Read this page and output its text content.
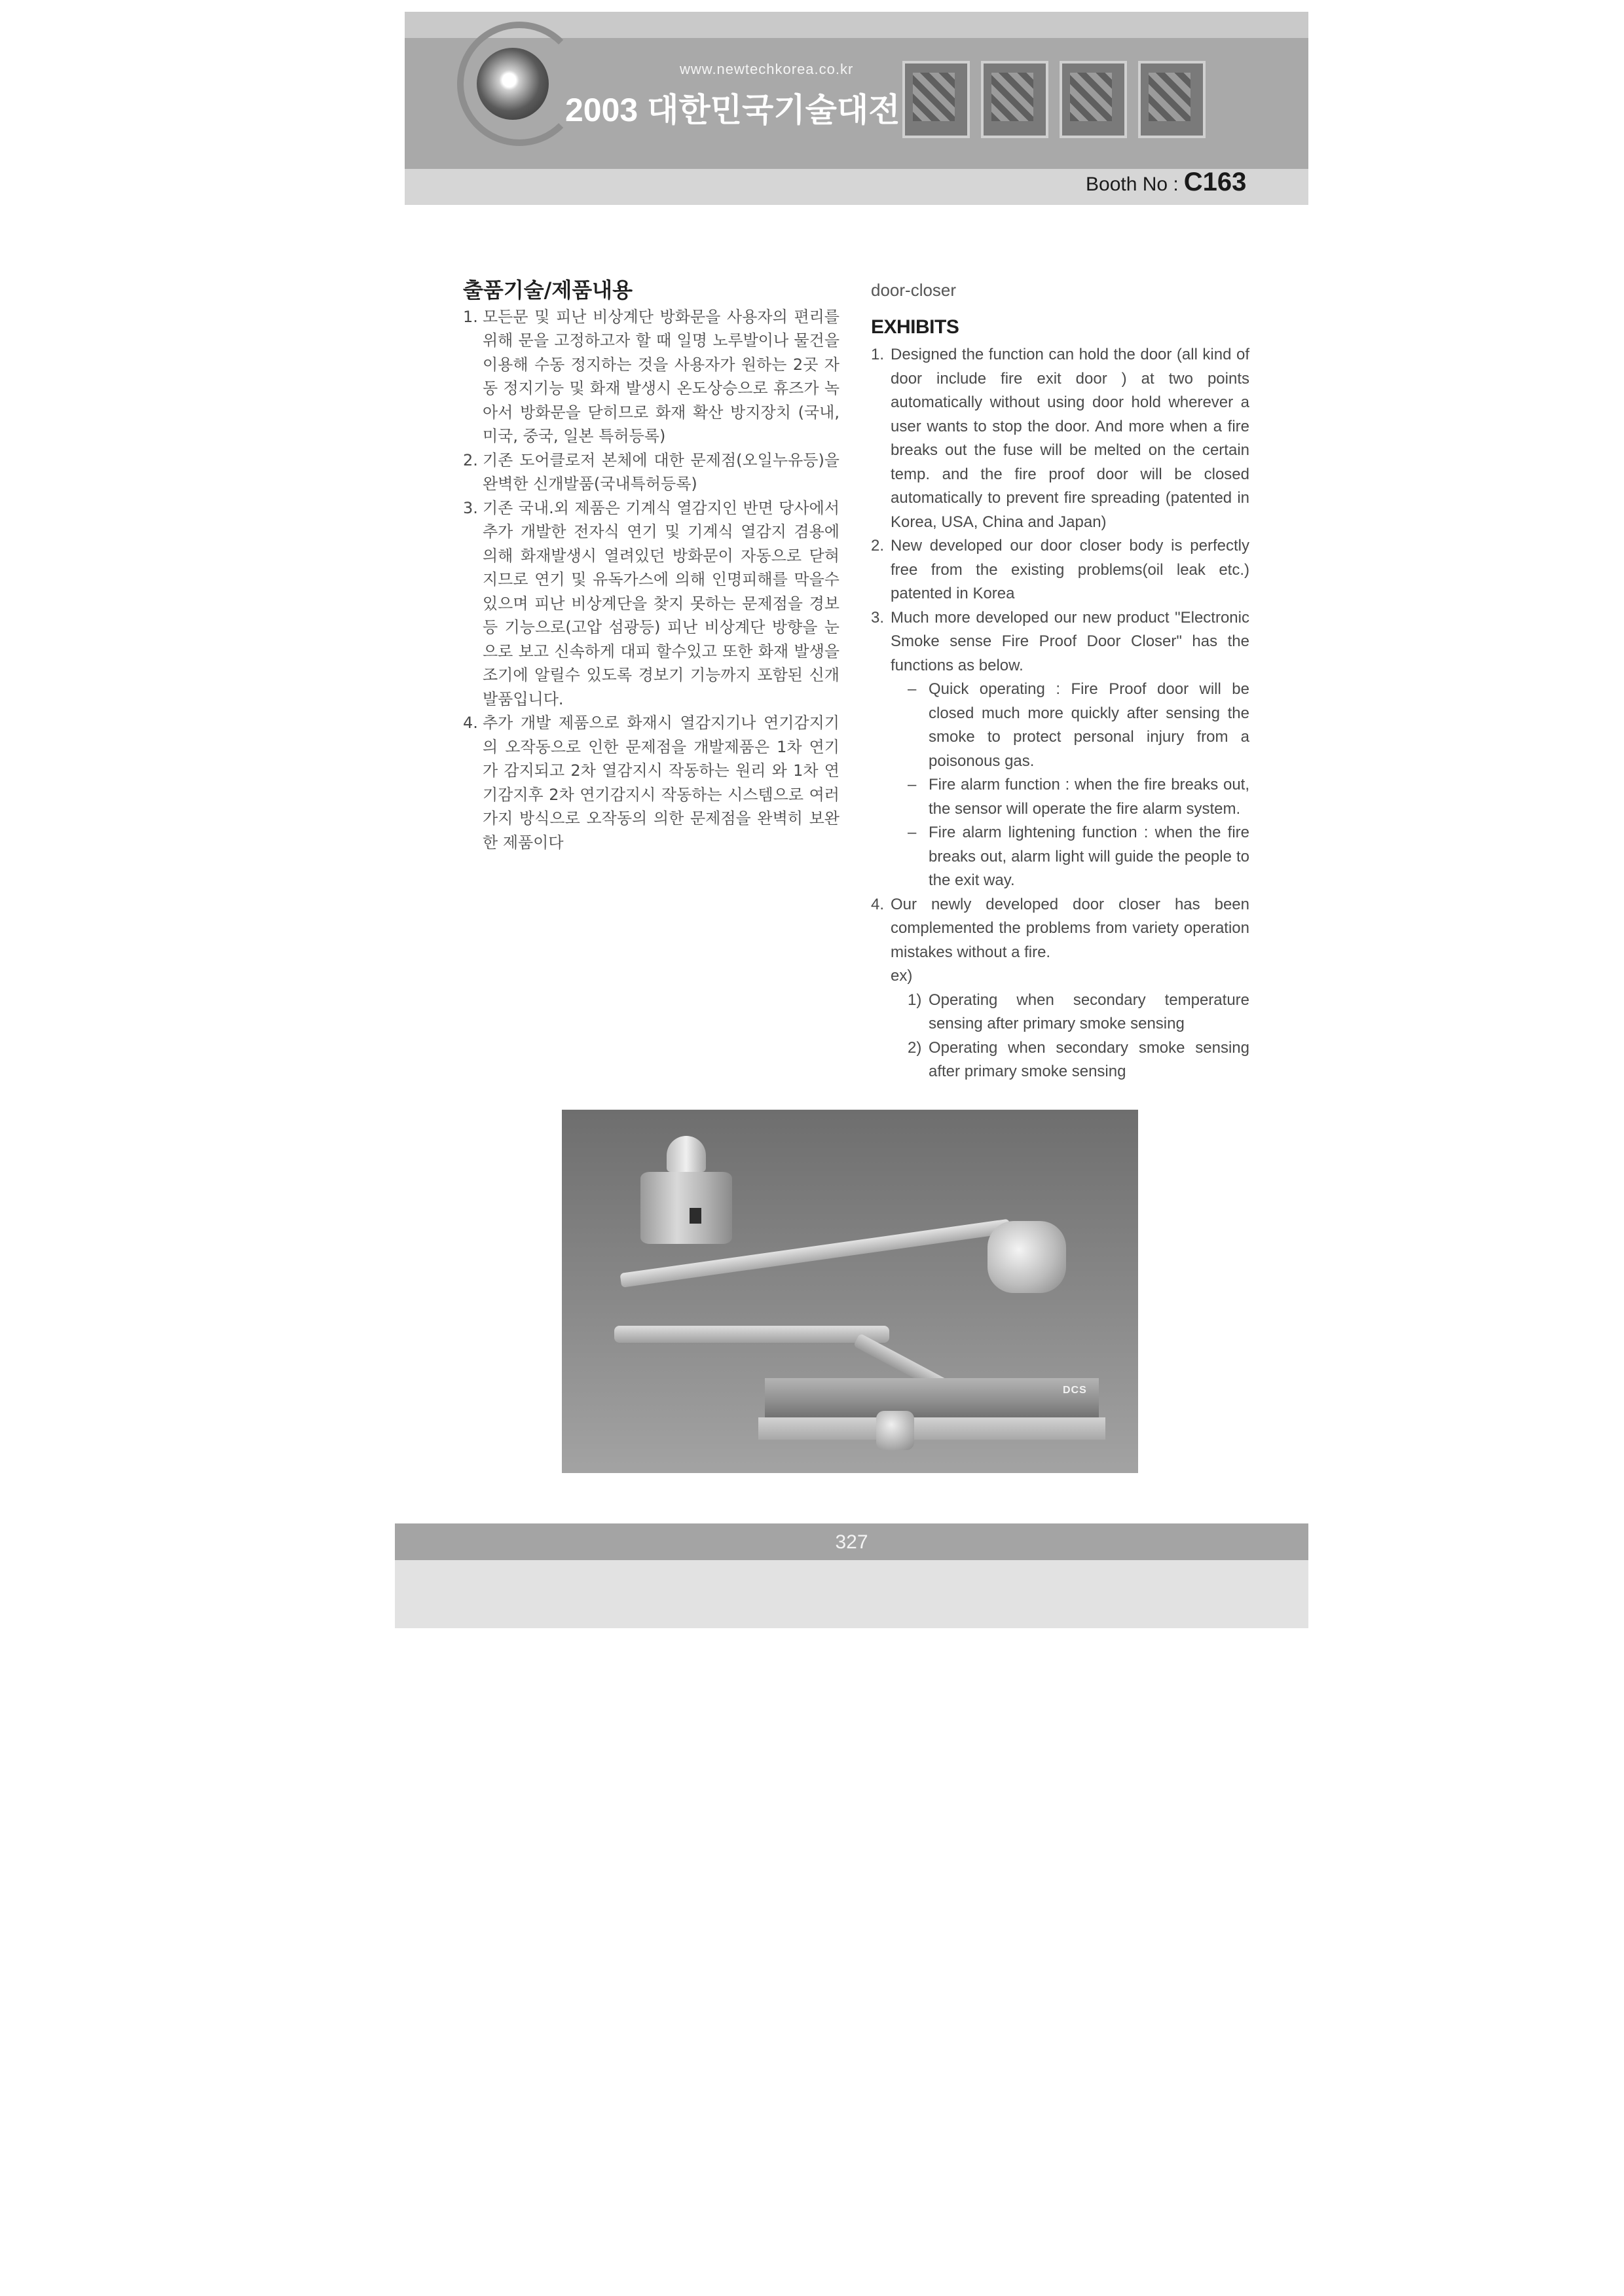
www.newtechkorea.co.kr
2003 대한민국기술대전
Booth No : C163
출품기술/제품내용
1. 모든문 및 피난 비상계단 방화문을 사용자의 편리를 위해 문을 고정하고자 할 때 일명 노루발이나 물건을 이용해 수동 정지하는 것을 사용자가 원하는 2곳 자동 정지기능 및 화재 발생시 온도상승으로 휴즈가 녹아서 방화문을 닫히므로 화재 확산 방지장치 (국내, 미국, 중국, 일본 특허등록)
2. 기존 도어클로저 본체에 대한 문제점(오일누유등)을 완벽한 신개발품(국내특허등록)
3. 기존 국내.외 제품은 기계식 열감지인 반면 당사에서 추가 개발한 전자식 연기 및 기계식 열감지 겸용에 의해 화재발생시 열려있던 방화문이 자동으로 닫혀지므로 연기 및 유독가스에 의해 인명피해를 막을수 있으며 피난 비상계단을 찾지 못하는 문제점을 경보등 기능으로(고압 섬광등) 피난 비상계단 방향을 눈으로 보고 신속하게 대피 할수있고 또한 화재 발생을 조기에 알릴수 있도록 경보기 기능까지 포함된 신개발품입니다.
4. 추가 개발 제품으로 화재시 열감지기나 연기감지기의 오작동으로 인한 문제점을 개발제품은 1차 연기가 감지되고 2차 열감지시 작동하는 원리 와 1차 연기감지후 2차 연기감지시 작동하는 시스템으로 여러가지 방식으로 오작동의 의한 문제점을 완벽히 보완한 제품이다
door-closer
EXHIBITS
1. Designed the function can hold the door (all kind of door include fire exit door ) at two points automatically without using door hold wherever a user wants to stop the door. And more when a fire breaks out the fuse will be melted on the certain temp. and the fire proof door will be closed automatically to prevent fire spreading (patented in Korea, USA, China and Japan)
2. New developed our door closer body is perfectly free from the existing problems(oil leak etc.) patented in Korea
3. Much more developed our new product "Electronic Smoke sense Fire Proof Door Closer" has the functions as below.
– Quick operating : Fire Proof door will be closed much more quickly after sensing the smoke to protect personal injury from a poisonous gas.
– Fire alarm function : when the fire breaks out, the sensor will operate the fire alarm system.
– Fire alarm lightening function : when the fire breaks out, alarm light will guide the people to the exit way.
4. Our newly developed door closer has been complemented the problems from variety operation mistakes without a fire.
ex)
1) Operating when secondary temperature sensing after primary smoke sensing
2) Operating when secondary smoke sensing after primary smoke sensing
DCS
327
